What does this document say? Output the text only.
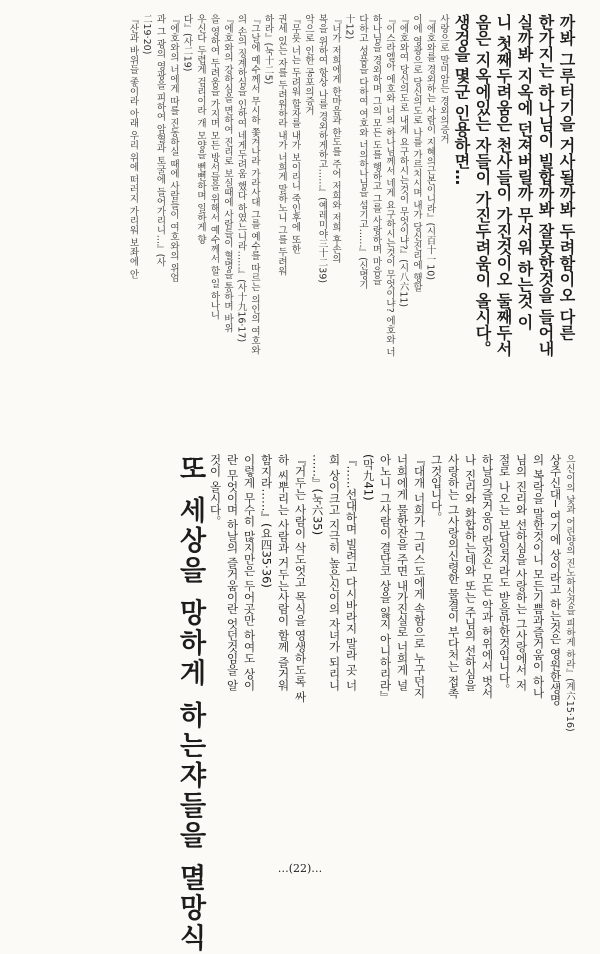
까봐 그루터기을 거사될까봐 두려함이오 다른
한가지는 하나님이 빌합까봐 잘못한것을 들어내
실까봐 지옥에 던져버릴까 무서워 하는것 이
니 첫째두려움은 천사들이 가진것이오 둘째두서
옴은 지옥에있는 자들이 가진두려움이 올시다。
생겅을 몇군 인용하면…
사랑으로 말미암는 경외의증거
『에호와를 경외하는 사람이 지혜의근본이니라』(시百十一10)
이에 영광으로 당신의도로 나를 가르치시며 내가 당신진리에 행할
『에호와여 당신의도로 내게 요구하시는것이 무엇이냐?』(시八六11)
『이스라엘아 에호와 너의 하나님께서 네게 요구하시는것이 무엇이냐? 에호와 너
하나님을 경외하며 그의 모든 도를 행하고 그를 사랑하며 마음을
다하고 성품을 다하여 여호와 너의하나님을 섬기고……』(신명기
十12)
『너가 저희에게 한마음과 한도를 주어 저희와 저희 후손의
복을 위하여 항상 나를 경외하게하고……』(예레미야三十二39)
악으로 인한 공포의증거
『무릇 너는 두려워 할자를 내가 보이리니 죽인후에 또한
권세 있는 자를 두려워하라 내가 너희게 말하노니 그를 두려워
하라』(눅十二5)
『그날에 예수께서 무시하 쫓겨나라 가라사대 그를 예수를 따르는 의인의 여호와
의 손의 징계하심을 인하여 네게두려움 했다 하였느니라……』(사十九16·17)
『에호와의 강하심을 면하여 진리로 보실때에 사람들이 혈명을 통하며 바위
을 영하여 두려움을 가지며 모든 방서들을 위해서 예수께서 할 일 하나니
우신다 두렵게 검리이라 개 모양을 뻔뻔하며 일하게 향
다』(사二19)
『에호와의 너에게 따를 진동하실 때에 사람들이 여호와의 위엄
과 그 광의 영광을 피하여 암혈과 토굴에 들어가리니…』(사
二19·20)
『산과 바위들 좋이라 아래 우리 위에 떠러지 가리워 보좌에 안
으신이의 낯과 어린양의 진노하신것을 피하게 하라』(계六15·16)
상주신대─ 여기에 상이라고 하는것은 영원한생명
의 복락을 말한것이니 모든기쁨과즐거움이 하나
님의 진리와 선하심을 사랑하는 그사랑에서 저
절로 나오는 보답일지라도 받을만한것입니다。
하날의즐거움이란것은 모든 악과 허위에서 벗서
나 진리와 화합하는데와 또는 주님의 선하심을
사랑하는 그사랑의신령한 물결이 부다처는 접촉
그것입니다。
『대개 너희가 그리스도에게 속함으로 누구던지
너희에게 물한잔을 주면 내가진실로 너희게 널
아노니 그사람이 결단코 상을 잃지 아니하리라』
(막九41)
『……선대하며 빌려고 다시바라지 말라 곳 너
희 상이크고 지극히 높은신이의 자녀가 되리니
……』(눅六35)
『거두는 사람이 삭도엇고 목식을 영생하도록 싸
하 씨뿌리는 사람과 거두는사람이 함께 즐거워
함지라……』(요四35·36)
이렇게 무수히 많지만은 두어곳만 하여도 상이
란 무엇이며 하날의 즐거움이란 엇던것임을 알
것이 올시다。
또 세상을 망하게 하는쟈들을 멸망식	…(22)…
